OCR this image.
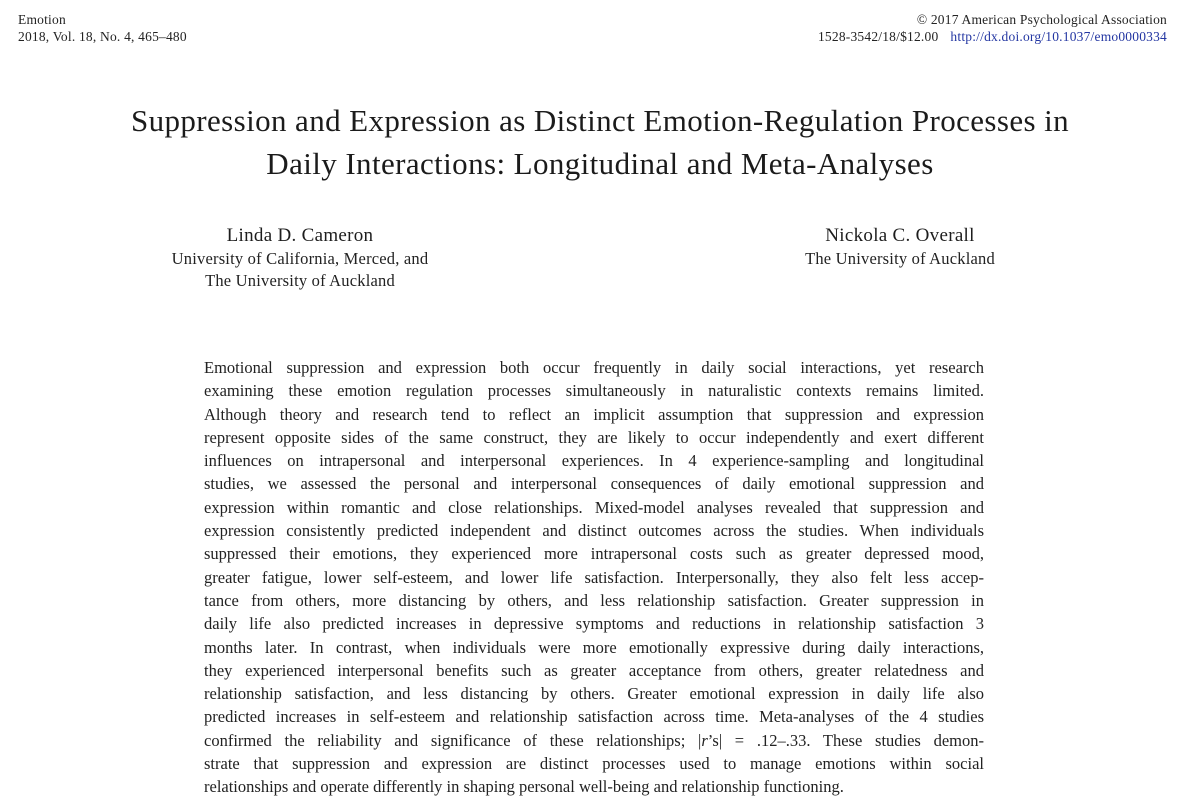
Emotion
2018, Vol. 18, No. 4, 465–480
© 2017 American Psychological Association
1528-3542/18/$12.00 http://dx.doi.org/10.1037/emo0000334
Suppression and Expression as Distinct Emotion-Regulation Processes in
Daily Interactions: Longitudinal and Meta-Analyses
Linda D. Cameron
University of California, Merced, and
The University of Auckland
Nickola C. Overall
The University of Auckland
Emotional suppression and expression both occur frequently in daily social interactions, yet research
examining these emotion regulation processes simultaneously in naturalistic contexts remains limited.
Although theory and research tend to reflect an implicit assumption that suppression and expression
represent opposite sides of the same construct, they are likely to occur independently and exert different
influences on intrapersonal and interpersonal experiences. In 4 experience-sampling and longitudinal
studies, we assessed the personal and interpersonal consequences of daily emotional suppression and
expression within romantic and close relationships. Mixed-model analyses revealed that suppression and
expression consistently predicted independent and distinct outcomes across the studies. When individuals
suppressed their emotions, they experienced more intrapersonal costs such as greater depressed mood,
greater fatigue, lower self-esteem, and lower life satisfaction. Interpersonally, they also felt less accep-
tance from others, more distancing by others, and less relationship satisfaction. Greater suppression in
daily life also predicted increases in depressive symptoms and reductions in relationship satisfaction 3
months later. In contrast, when individuals were more emotionally expressive during daily interactions,
they experienced interpersonal benefits such as greater acceptance from others, greater relatedness and
relationship satisfaction, and less distancing by others. Greater emotional expression in daily life also
predicted increases in self-esteem and relationship satisfaction across time. Meta-analyses of the 4 studies
confirmed the reliability and significance of these relationships; |r’s| = .12–.33. These studies demon-
strate that suppression and expression are distinct processes used to manage emotions within social
relationships and operate differently in shaping personal well-being and relationship functioning.
